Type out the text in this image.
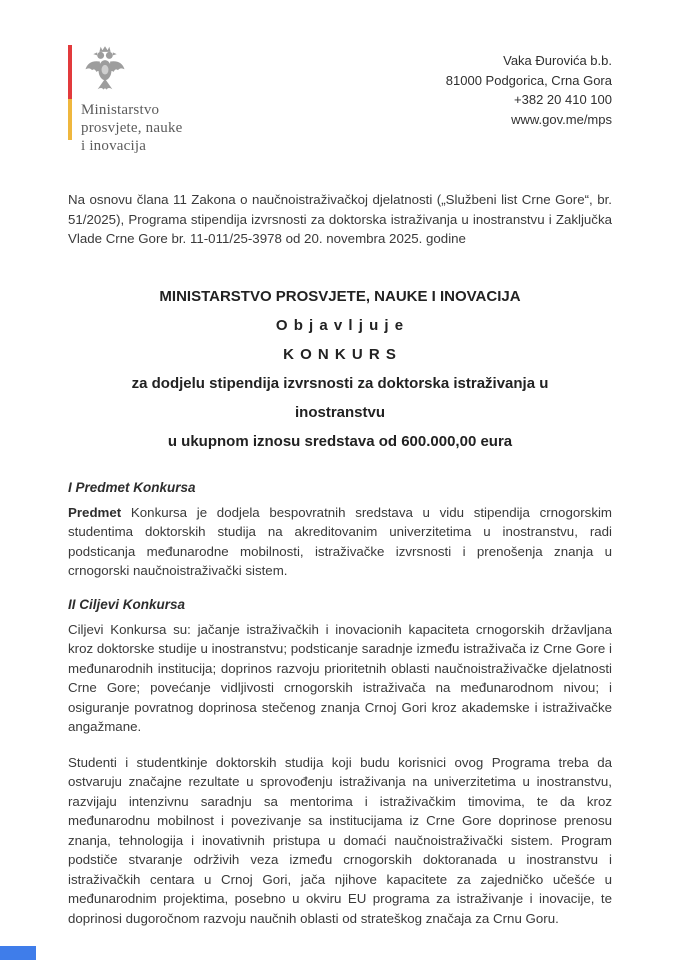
Ministarstvo
prosvjete, nauke
i inovacija
Vaka Đurovića b.b.
81000 Podgorica, Crna Gora
+382 20 410 100
www.gov.me/mps

Na osnovu člana 11 Zakona o naučnoistraživačkoj djelatnosti („Službeni list Crne Gore“, br. 51/2025), Programa stipendija izvrsnosti za doktorska istraživanja u inostranstvu i Zaključka Vlade Crne Gore br. 11-011/25-3978 od 20. novembra 2025. godine

MINISTARSTVO PROSVJETE, NAUKE I INOVACIJA
O b j a v l j u j e
K O N K U R S
za dodjelu stipendija izvrsnosti za doktorska istraživanja u inostranstvu
u ukupnom iznosu sredstava od 600.000,00 eura
I Predmet Konkursa

Predmet Konkursa je dodjela bespovratnih sredstava u vidu stipendija crnogorskim studentima doktorskih studija na akreditovanim univerzitetima u inostranstvu, radi podsticanja međunarodne mobilnosti, istraživačke izvrsnosti i prenošenja znanja u crnogorski naučnoistraživački sistem.

II Ciljevi Konkursa

Ciljevi Konkursa su: jačanje istraživačkih i inovacionih kapaciteta crnogorskih državljana kroz doktorske studije u inostranstvu; podsticanje saradnje između istraživača iz Crne Gore i međunarodnih institucija; doprinos razvoju prioritetnih oblasti naučnoistraživačke djelatnosti Crne Gore; povećanje vidljivosti crnogorskih istraživača na međunarodnom nivou; i osiguranje povratnog doprinosa stečenog znanja Crnoj Gori kroz akademske i istraživačke angažmane.

Studenti i studentkinje doktorskih studija koji budu korisnici ovog Programa treba da ostvaruju značajne rezultate u sprovođenju istraživanja na univerzitetima u inostranstvu, razvijaju intenzivnu saradnju sa mentorima i istraživačkim timovima, te da kroz međunarodnu mobilnost i povezivanje sa institucijama iz Crne Gore doprinose prenosu znanja, tehnologija i inovativnih pristupa u domaći naučnoistraživački sistem. Program podstiče stvaranje održivih veza između crnogorskih doktoranada u inostranstvu i istraživačkih centara u Crnoj Gori, jača njihove kapacitete za zajedničko učešće u međunarodnim projektima, posebno u okviru EU programa za istraživanje i inovacije, te doprinosi dugoročnom razvoju naučnih oblasti od strateškog značaja za Crnu Goru.
